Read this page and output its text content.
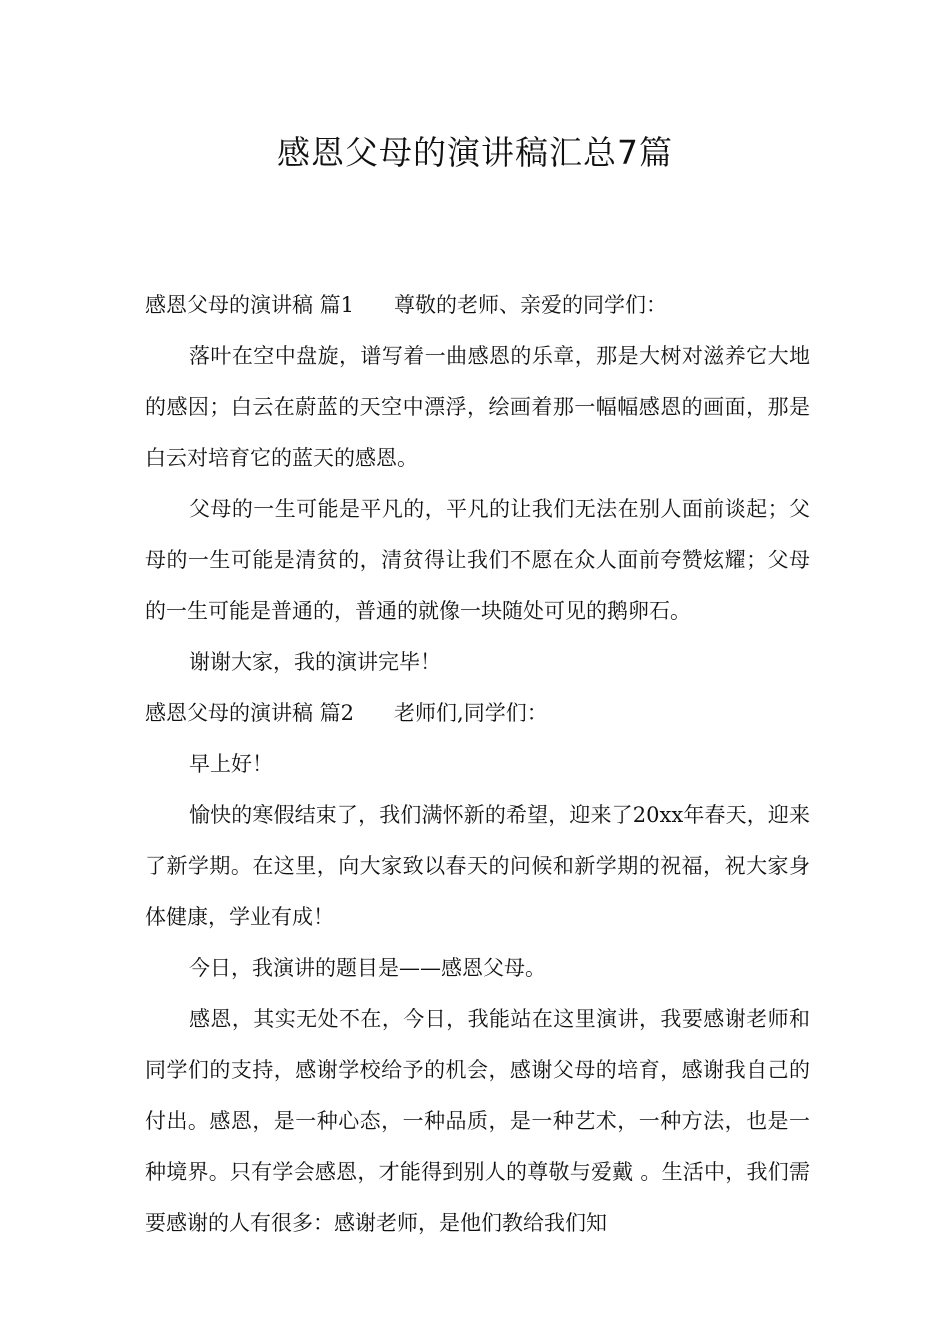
感恩父母的演讲稿汇总7篇

感恩父母的演讲稿 篇1 尊敬的老师、亲爱的同学们：

落叶在空中盘旋，谱写着一曲感恩的乐章，那是大树对滋养它大地的感因；白云在蔚蓝的天空中漂浮，绘画着那一幅幅感恩的画面，那是白云对培育它的蓝天的感恩。

父母的一生可能是平凡的，平凡的让我们无法在别人面前谈起；父母的一生可能是清贫的，清贫得让我们不愿在众人面前夸赞炫耀；父母的一生可能是普通的，普通的就像一块随处可见的鹅卵石。

谢谢大家，我的演讲完毕！

感恩父母的演讲稿 篇2 老师们,同学们：

早上好！

愉快的寒假结束了，我们满怀新的希望，迎来了20xx年春天，迎来了新学期。在这里，向大家致以春天的问候和新学期的祝福，祝大家身体健康，学业有成！

今日，我演讲的题目是——感恩父母。

感恩，其实无处不在，今日，我能站在这里演讲，我要感谢老师和同学们的支持，感谢学校给予的机会，感谢父母的培育，感谢我自己的付出。感恩，是一种心态，一种品质，是一种艺术，一种方法，也是一种境界。只有学会感恩，才能得到别人的尊敬与爱戴 。生活中，我们需要感谢的人有很多：感谢老师，是他们教给我们知
